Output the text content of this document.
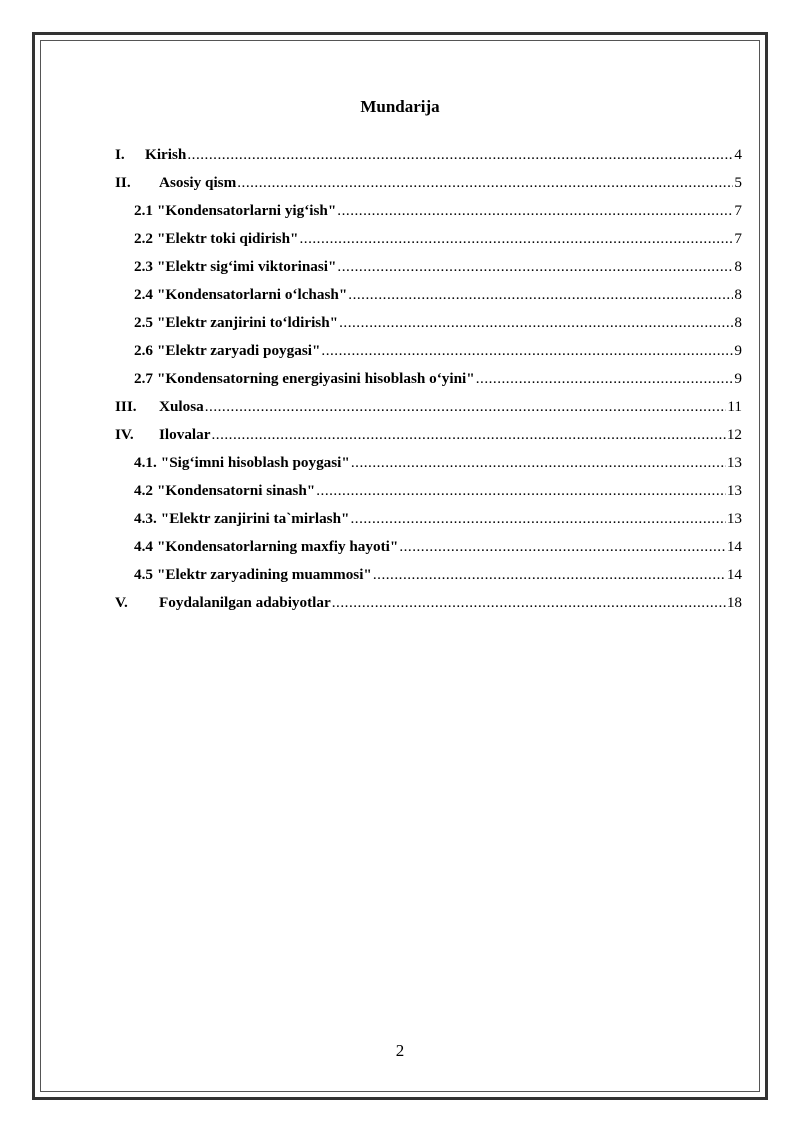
Mundarija
I.	Kirish .....	4
II.	Asosiy qism .....	5
2.1 "Kondensatorlarni yig‘ish" .....	7
2.2 "Elektr toki qidirish" .....	7
2.3 "Elektr sig‘imi viktorinasi" .....	8
2.4 "Kondensatorlarni o‘lchash" .....	8
2.5 "Elektr zanjirini to‘ldirish" .....	8
2.6 "Elektr zaryadi poygasi" .....	9
2.7 "Kondensatorning energiyasini hisoblash o‘yini" .....	9
III.	Xulosa .....	11
IV.	Ilovalar .....	12
4.1. "Sig‘imni hisoblash poygasi" .....	13
4.2 "Kondensatorni sinash" .....	13
4.3. "Elektr zanjirini ta`mirlash" .....	13
4.4 "Kondensatorlarning maxfiy hayoti" .....	14
4.5 "Elektr zaryadining muammosi" .....	14
V.	Foydalanilgan adabiyotlar .....	18
2
